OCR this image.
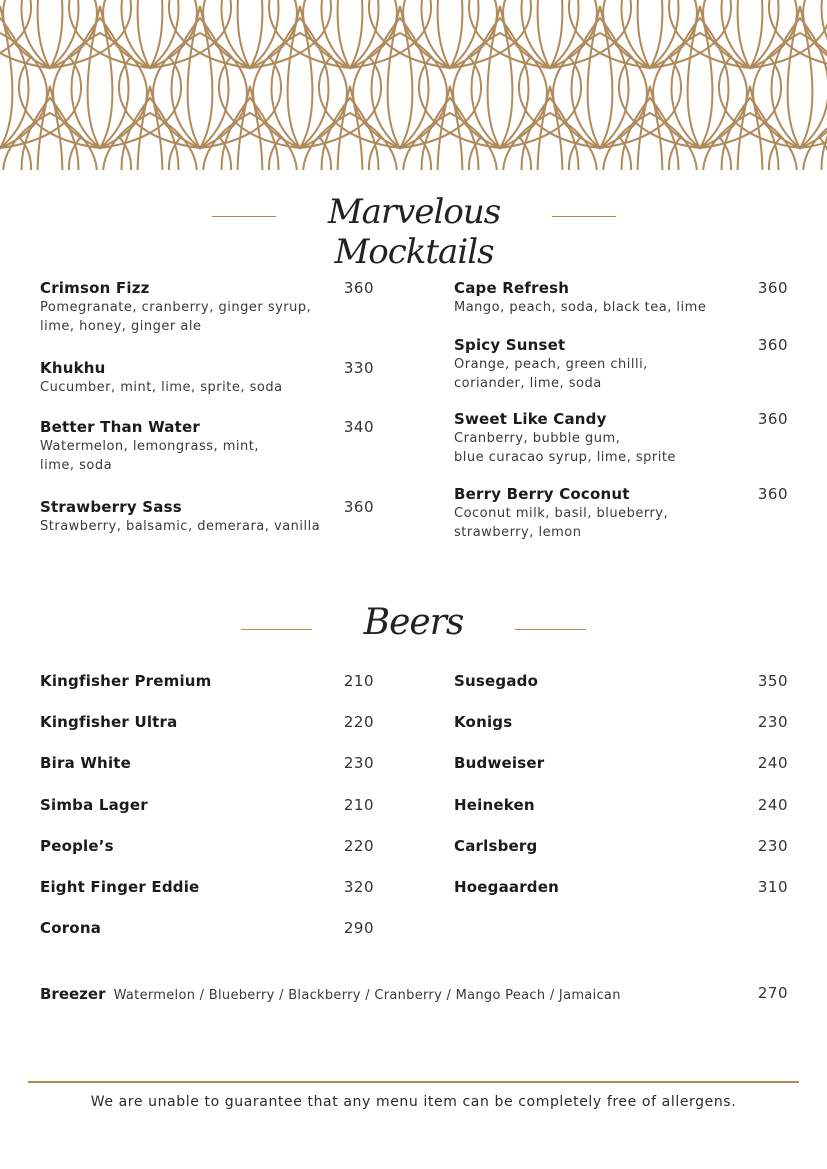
Marvelous Mocktails
Crimson Fizz	360
Pomegranate, cranberry, ginger syrup,
lime, honey, ginger ale
Khukhu	330
Cucumber, mint, lime, sprite, soda
Better Than Water	340
Watermelon, lemongrass, mint,
lime, soda
Strawberry Sass	360
Strawberry, balsamic, demerara, vanilla
Cape Refresh	360
Mango, peach, soda, black tea, lime
Spicy Sunset	360
Orange, peach, green chilli,
coriander, lime, soda
Sweet Like Candy	360
Cranberry, bubble gum,
blue curacao syrup, lime, sprite
Berry Berry Coconut	360
Coconut milk, basil, blueberry,
strawberry, lemon
Beers
Kingfisher Premium	210
Kingfisher Ultra	220
Bira White	230
Simba Lager	210
People’s	220
Eight Finger Eddie	320
Corona	290
Susegado	350
Konigs	230
Budweiser	240
Heineken	240
Carlsberg	230
Hoegaarden	310
Breezer Watermelon / Blueberry / Blackberry / Cranberry / Mango Peach / Jamaican	270
We are unable to guarantee that any menu item can be completely free of allergens.
